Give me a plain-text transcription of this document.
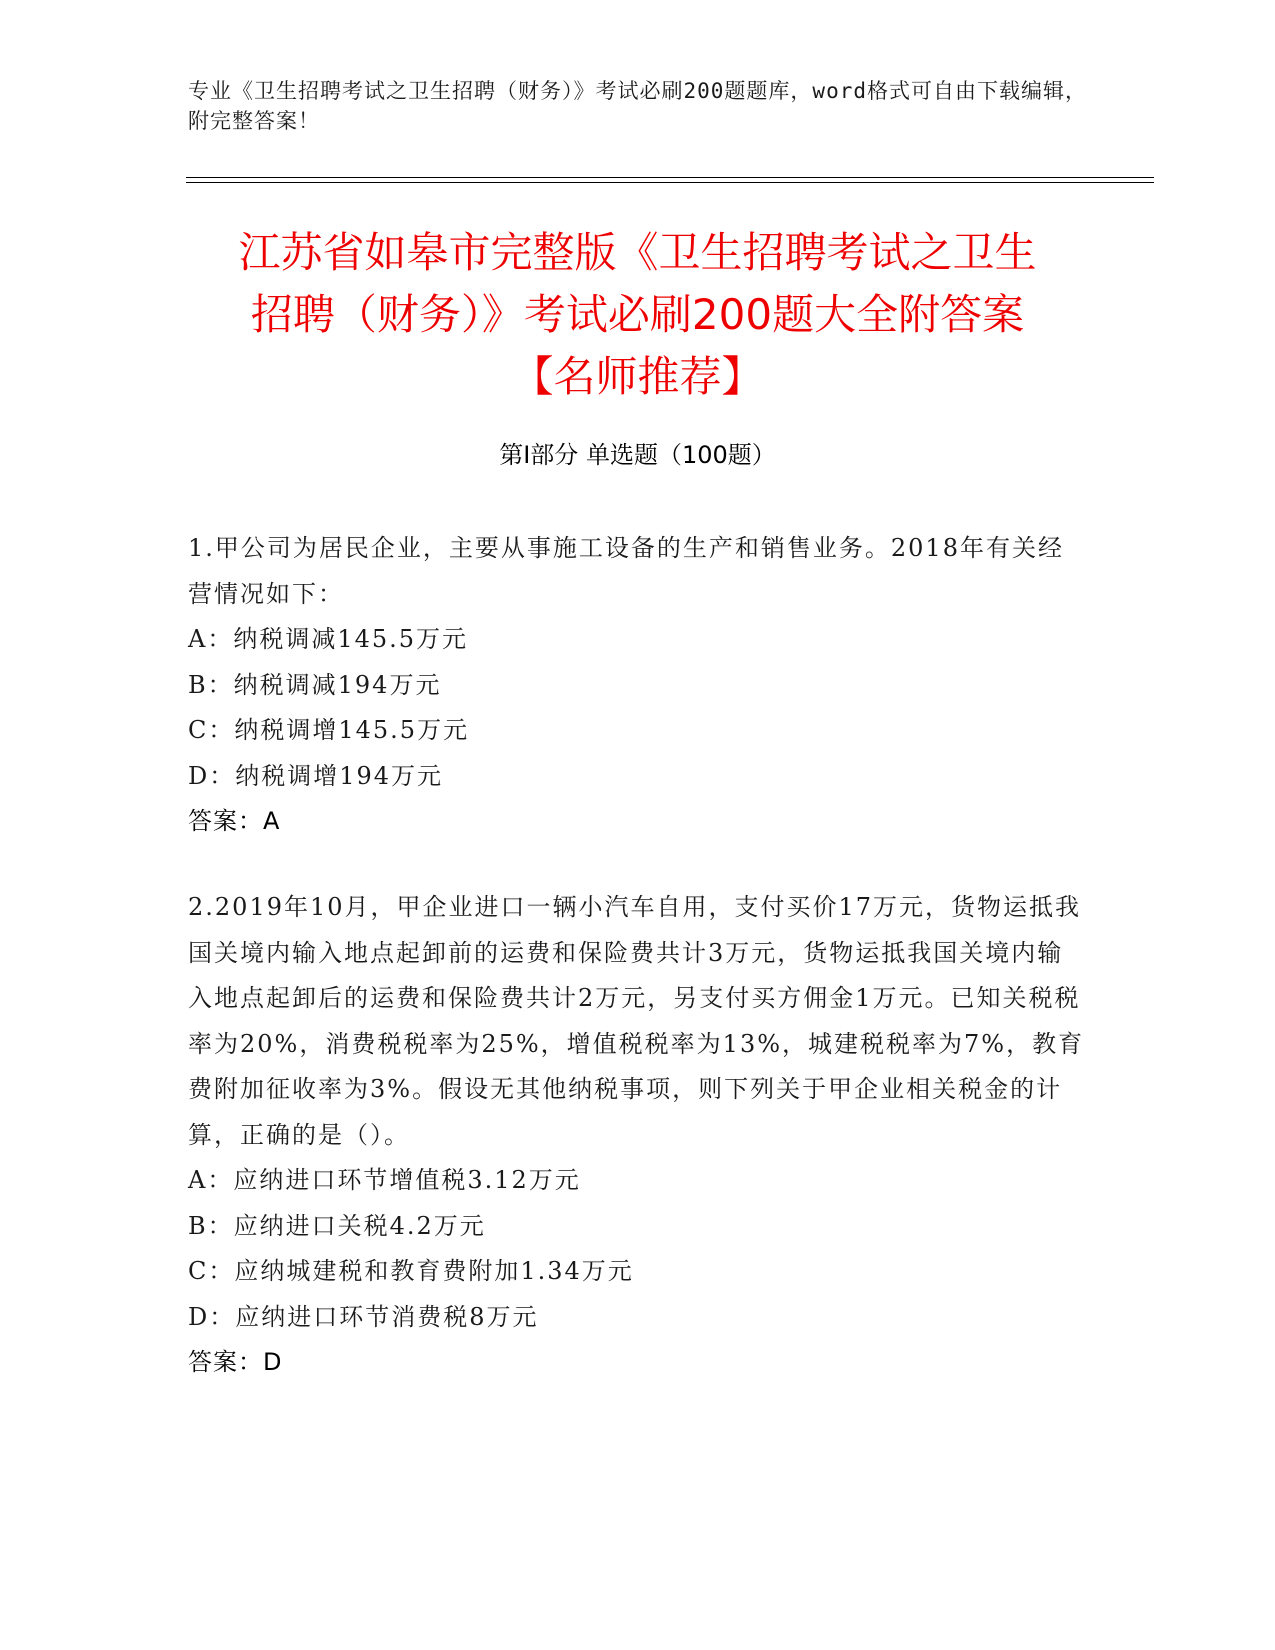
专业《卫生招聘考试之卫生招聘（财务）》考试必刷200题题库，word格式可自由下载编辑，附完整答案！
江苏省如皋市完整版《卫生招聘考试之卫生
招聘（财务）》考试必刷200题大全附答案
【名师推荐】
第I部分 单选题（100题）

1.甲公司为居民企业，主要从事施工设备的生产和销售业务。2018年有关经营情况如下：

A：纳税调减145.5万元

B：纳税调减194万元

C：纳税调增145.5万元

D：纳税调增194万元

答案：A

2.2019年10月，甲企业进口一辆小汽车自用，支付买价17万元，货物运抵我国关境内输入地点起卸前的运费和保险费共计3万元，货物运抵我国关境内输入地点起卸后的运费和保险费共计2万元，另支付买方佣金1万元。已知关税税率为20%，消费税税率为25%，增值税税率为13%，城建税税率为7%，教育费附加征收率为3%。假设无其他纳税事项，则下列关于甲企业相关税金的计算，正确的是（）。

A：应纳进口环节增值税3.12万元

B：应纳进口关税4.2万元

C：应纳城建税和教育费附加1.34万元

D：应纳进口环节消费税8万元

答案：D
